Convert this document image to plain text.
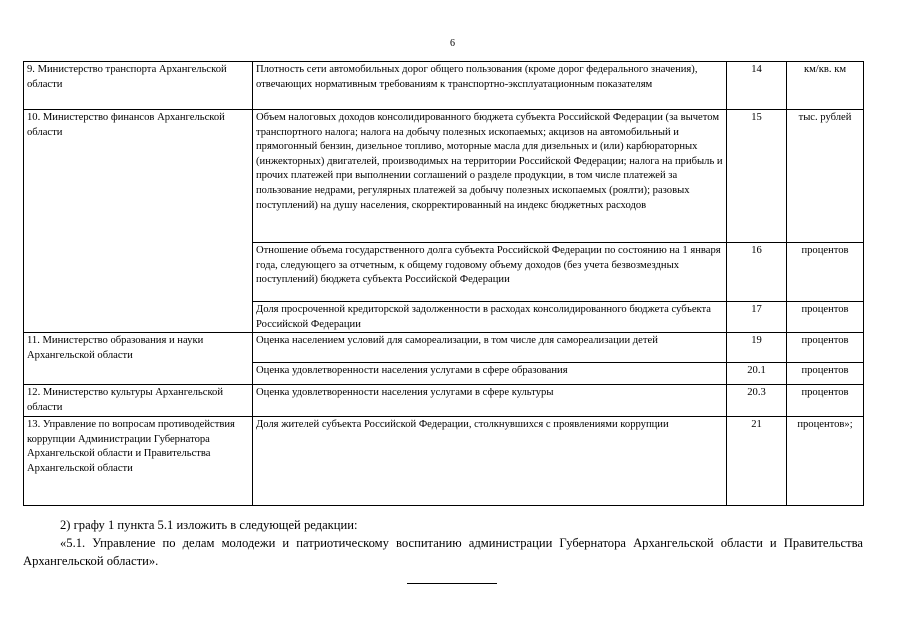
6
9. Министерство транспорта Архангельской области	Плотность сети автомобильных дорог общего пользования (кроме дорог федерального значения), отвечающих нормативным требованиям к транспортно-эксплуатационным показателям	14	км/кв. км
10. Министерство финансов Архангельской области	Объем налоговых доходов консолидированного бюджета субъекта Российской Федерации (за вычетом транспортного налога; налога на добычу полезных ископаемых; акцизов на автомобильный и прямогонный бензин, дизельное топливо, моторные масла для дизельных и (или) карбюраторных (инжекторных) двигателей, производимых на территории Российской Федерации; налога на прибыль и прочих платежей при выполнении соглашений о разделе продукции, в том числе платежей за пользование недрами, регулярных платежей за добычу полезных ископаемых (роялти); разовых поступлений) на душу населения, скорректированный на индекс бюджетных расходов	15	тыс. рублей
	Отношение объема государственного долга субъекта Российской Федерации по состоянию на 1 января года, следующего за отчетным, к общему годовому объему доходов (без учета безвозмездных поступлений) бюджета субъекта Российской Федерации	16	процентов
	Доля просроченной кредиторской задолженности в расходах консолидированного бюджета субъекта Российской Федерации	17	процентов
11. Министерство образования и науки Архангельской области	Оценка населением условий для самореализации, в том числе для самореализации детей	19	процентов
	Оценка удовлетворенности населения услугами в сфере образования	20.1	процентов
12. Министерство культуры Архангельской области	Оценка удовлетворенности населения услугами в сфере культуры	20.3	процентов
13. Управление по вопросам противодействия коррупции Администрации Губернатора Архангельской области и Правительства Архангельской области	Доля жителей субъекта Российской Федерации, столкнувшихся с проявлениями коррупции	21	процентов»;
2) графу 1 пункта 5.1 изложить в следующей редакции:
«5.1. Управление по делам молодежи и патриотическому воспитанию администрации Губернатора Архангельской области и Правительства Архангельской области».
